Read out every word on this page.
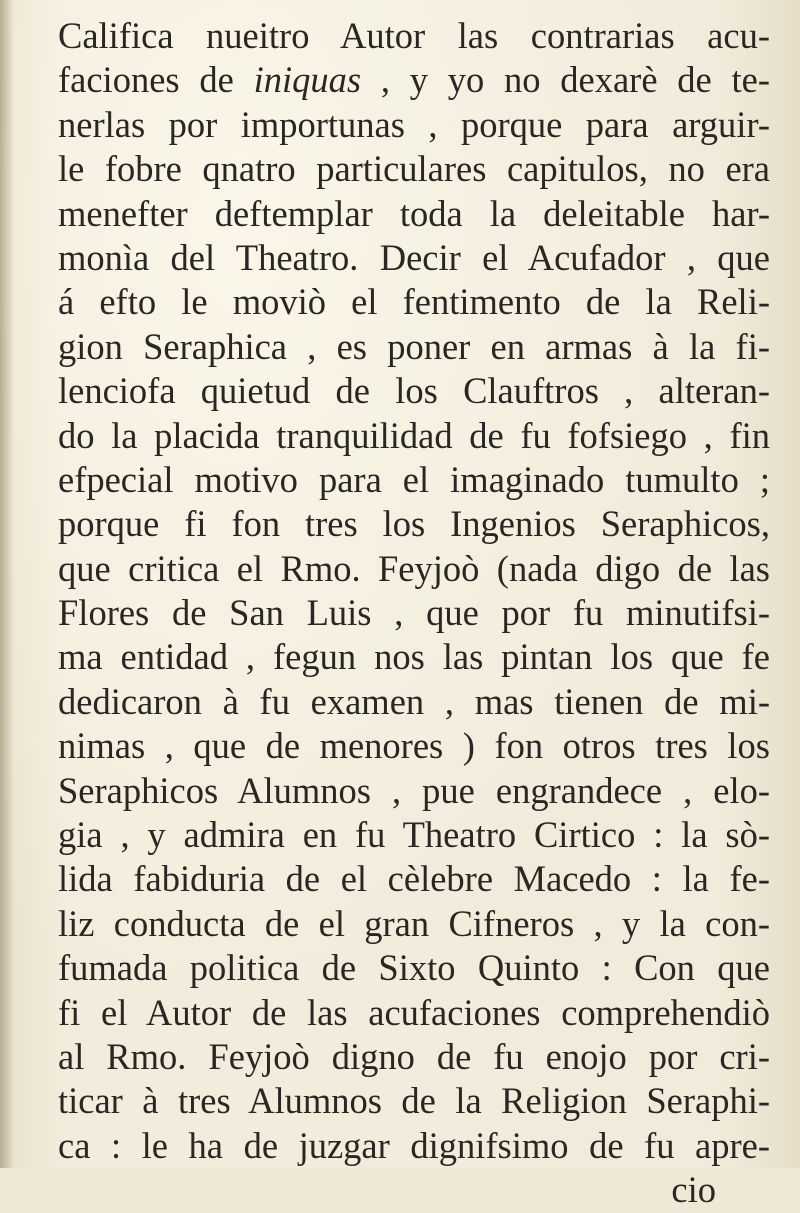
Califica nueitro Autor las contrarias acu-
faciones de iniquas , y yo no dexarè de te-
nerlas por importunas , porque para arguir-
le fobre qnatro particulares capitulos, no era
menefter deftemplar toda la deleitable har-
monìa del Theatro. Decir el Acufador , que
á efto le moviò el fentimento de la Reli-
gion Seraphica , es poner en armas à la fi-
lenciofa quietud de los Clauftros , alteran-
do la placida tranquilidad de fu fofsiego , fin
efpecial motivo para el imaginado tumulto ;
porque fi fon tres los Ingenios Seraphicos,
que critica el Rmo. Feyjoò (nada digo de las
Flores de San Luis , que por fu minutifsi-
ma entidad , fegun nos las pintan los que fe
dedicaron à fu examen , mas tienen de mi-
nimas , que de menores ) fon otros tres los
Seraphicos Alumnos , pue engrandece , elo-
gia , y admira en fu Theatro Cirtico : la sò-
lida fabiduria de el cèlebre Macedo : la fe-
liz conducta de el gran Cifneros , y la con-
fumada politica de Sixto Quinto : Con que
fi el Autor de las acufaciones comprehendiò
al Rmo. Feyjoò digno de fu enojo por cri-
ticar à tres Alumnos de la Religion Seraphi-
ca : le ha de juzgar dignifsimo de fu apre-
cio
